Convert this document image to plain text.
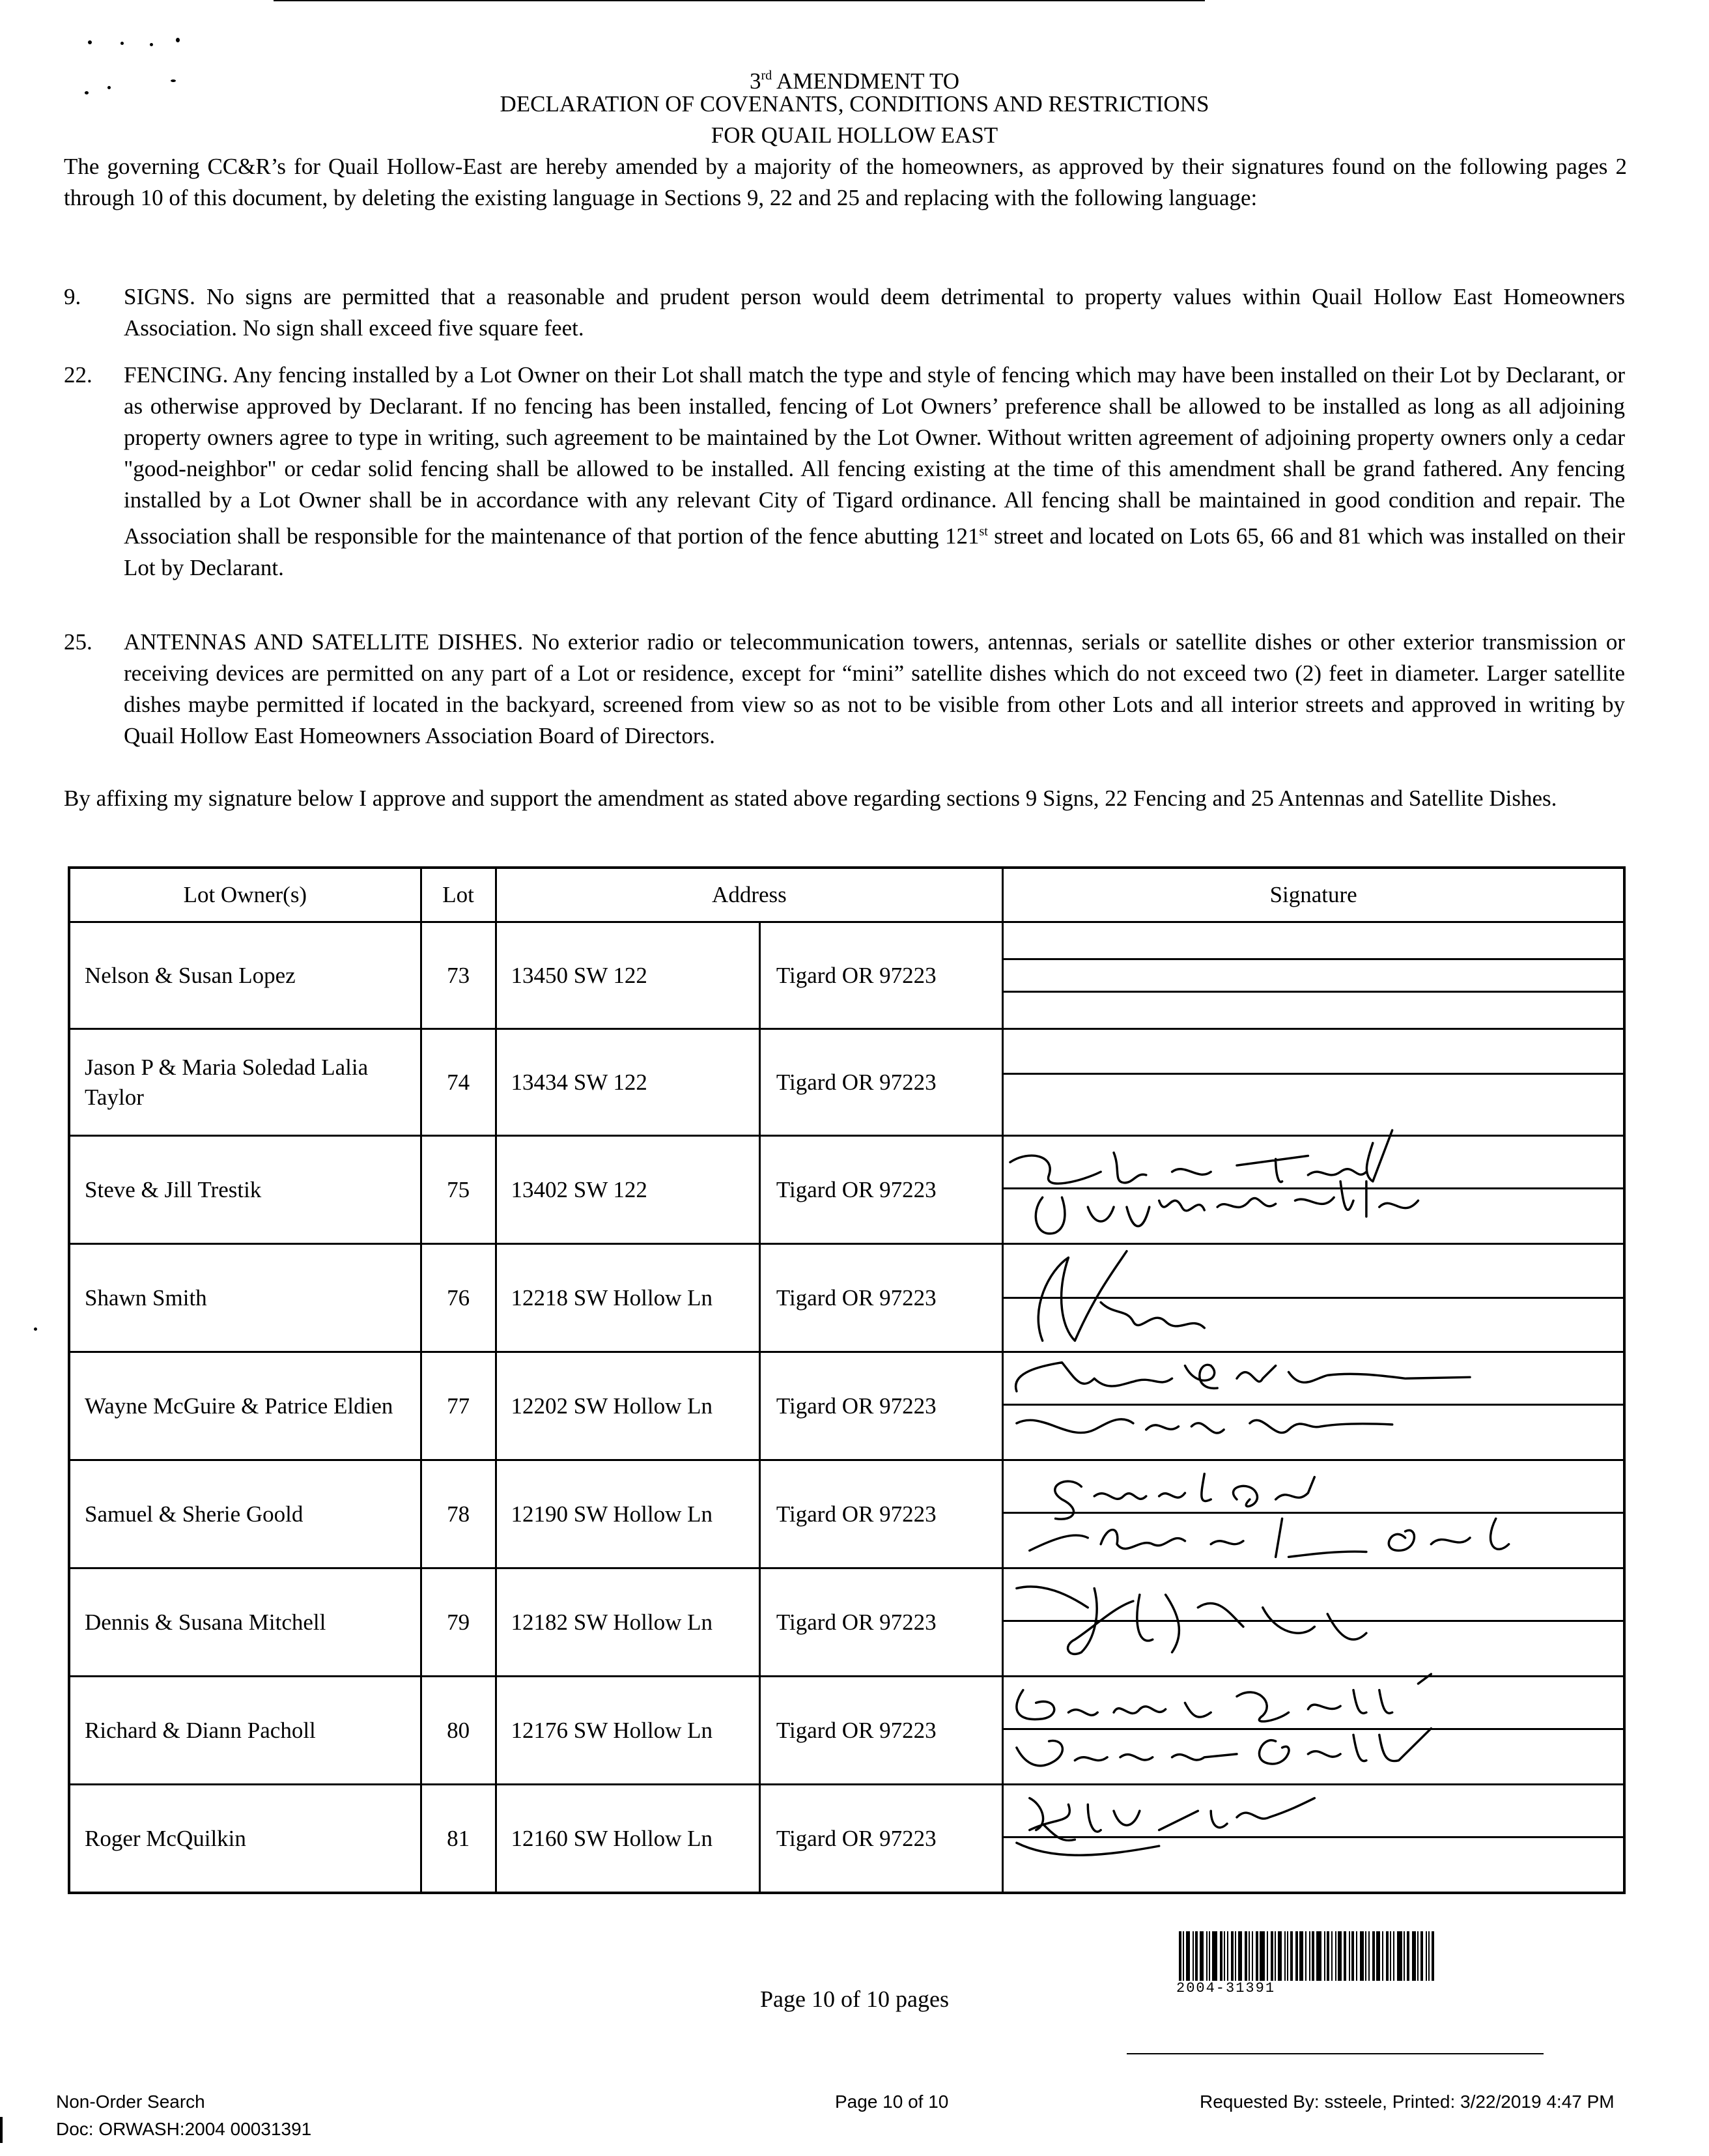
3rd AMENDMENT TO
DECLARATION OF COVENANTS, CONDITIONS AND RESTRICTIONS
FOR QUAIL HOLLOW EAST
The governing CC&R’s for Quail Hollow-East are hereby amended by a majority of the homeowners, as approved by their signatures found on the following pages 2 through 10 of this document, by deleting the existing language in Sections 9, 22 and 25 and replacing with the following language:
9. SIGNS. No signs are permitted that a reasonable and prudent person would deem detrimental to property values within Quail Hollow East Homeowners Association. No sign shall exceed five square feet.
22. FENCING. Any fencing installed by a Lot Owner on their Lot shall match the type and style of fencing which may have been installed on their Lot by Declarant, or as otherwise approved by Declarant. If no fencing has been installed, fencing of Lot Owners’ preference shall be allowed to be installed as long as all adjoining property owners agree to type in writing, such agreement to be maintained by the Lot Owner. Without written agreement of adjoining property owners only a cedar "good-neighbor" or cedar solid fencing shall be allowed to be installed. All fencing existing at the time of this amendment shall be grand fathered. Any fencing installed by a Lot Owner shall be in accordance with any relevant City of Tigard ordinance. All fencing shall be maintained in good condition and repair. The Association shall be responsible for the maintenance of that portion of the fence abutting 121st street and located on Lots 65, 66 and 81 which was installed on their Lot by Declarant.
25. ANTENNAS AND SATELLITE DISHES. No exterior radio or telecommunication towers, antennas, serials or satellite dishes or other exterior transmission or receiving devices are permitted on any part of a Lot or residence, except for “mini” satellite dishes which do not exceed two (2) feet in diameter. Larger satellite dishes maybe permitted if located in the backyard, screened from view so as not to be visible from other Lots and all interior streets and approved in writing by Quail Hollow East Homeowners Association Board of Directors.
By affixing my signature below I approve and support the amendment as stated above regarding sections 9 Signs, 22 Fencing and 25 Antennas and Satellite Dishes.
Lot Owner(s)	Lot	Address		Signature
Nelson & Susan Lopez	73	13450 SW 122	Tigard OR 97223	

Jason P & Maria Soledad Lalia Taylor	74	13434 SW 122	Tigard OR 97223	

Steve & Jill Trestik	75	13402 SW 122	Tigard OR 97223	

Shawn Smith	76	12218 SW Hollow Ln	Tigard OR 97223	

Wayne McGuire & Patrice Eldien	77	12202 SW Hollow Ln	Tigard OR 97223	

Samuel & Sherie Goold	78	12190 SW Hollow Ln	Tigard OR 97223	

Dennis & Susana Mitchell	79	12182 SW Hollow Ln	Tigard OR 97223	

Richard & Diann Pacholl	80	12176 SW Hollow Ln	Tigard OR 97223	

Roger McQuilkin	81	12160 SW Hollow Ln	Tigard OR 97223	
2004-31391
Page 10 of 10 pages
Non-Order Search
Doc: ORWASH:2004 00031391
Page 10 of 10	Requested By: ssteele, Printed: 3/22/2019 4:47 PM
